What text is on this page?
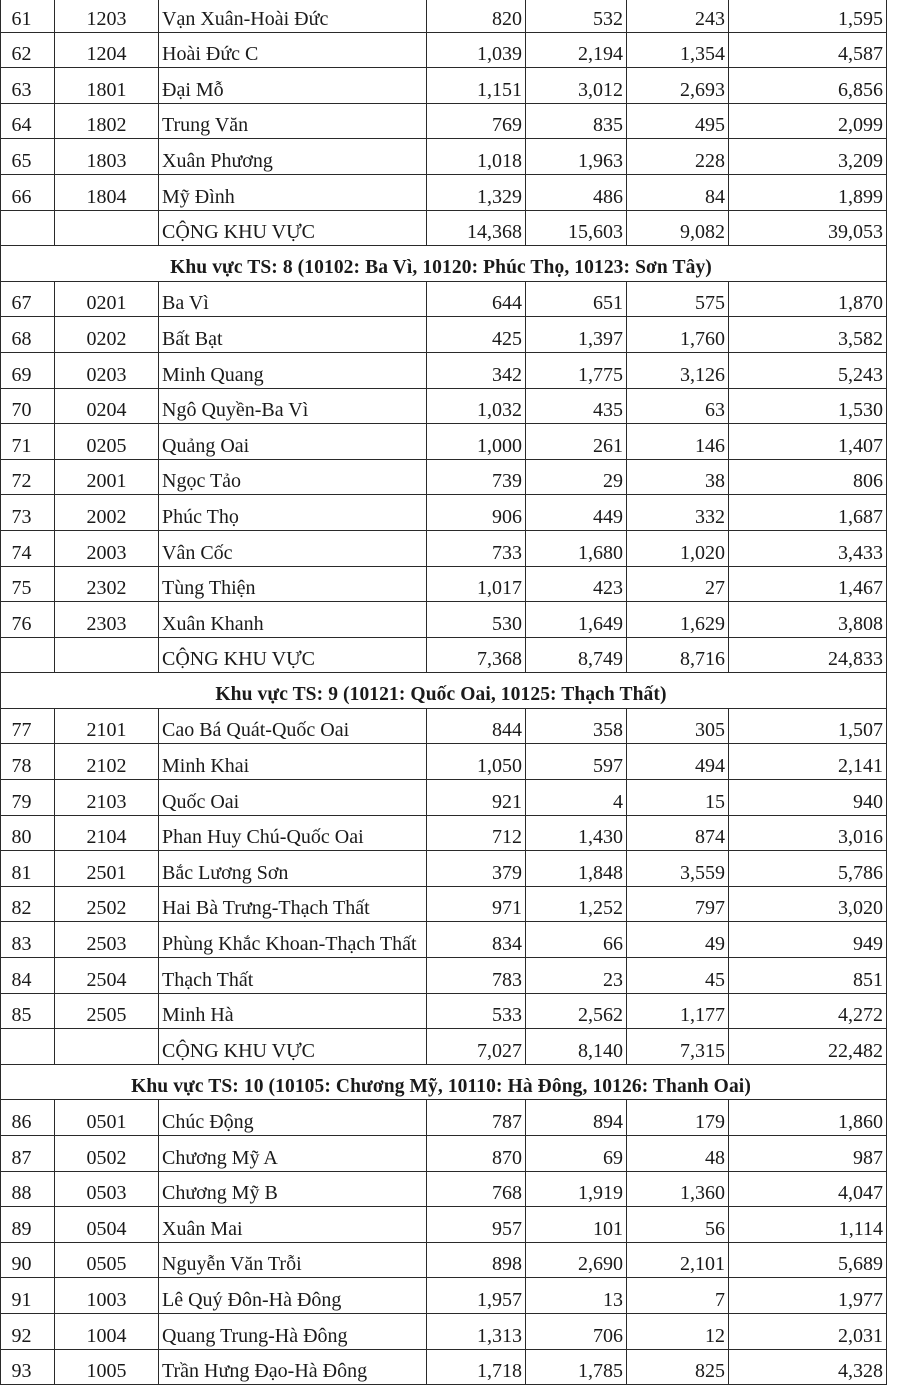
61	1203	Vạn Xuân-Hoài Đức	820	532	243	1,595
62	1204	Hoài Đức C	1,039	2,194	1,354	4,587
63	1801	Đại Mỗ	1,151	3,012	2,693	6,856
64	1802	Trung Văn	769	835	495	2,099
65	1803	Xuân Phương	1,018	1,963	228	3,209
66	1804	Mỹ Đình	1,329	486	84	1,899
		CỘNG KHU VỰC	14,368	15,603	9,082	39,053
Khu vực TS: 8 (10102: Ba Vì, 10120: Phúc Thọ, 10123: Sơn Tây)						
67	0201	Ba Vì	644	651	575	1,870
68	0202	Bất Bạt	425	1,397	1,760	3,582
69	0203	Minh Quang	342	1,775	3,126	5,243
70	0204	Ngô Quyền-Ba Vì	1,032	435	63	1,530
71	0205	Quảng Oai	1,000	261	146	1,407
72	2001	Ngọc Tảo	739	29	38	806
73	2002	Phúc Thọ	906	449	332	1,687
74	2003	Vân Cốc	733	1,680	1,020	3,433
75	2302	Tùng Thiện	1,017	423	27	1,467
76	2303	Xuân Khanh	530	1,649	1,629	3,808
		CỘNG KHU VỰC	7,368	8,749	8,716	24,833
Khu vực TS: 9 (10121: Quốc Oai, 10125: Thạch Thất)						
77	2101	Cao Bá Quát-Quốc Oai	844	358	305	1,507
78	2102	Minh Khai	1,050	597	494	2,141
79	2103	Quốc Oai	921	4	15	940
80	2104	Phan Huy Chú-Quốc Oai	712	1,430	874	3,016
81	2501	Bắc Lương Sơn	379	1,848	3,559	5,786
82	2502	Hai Bà Trưng-Thạch Thất	971	1,252	797	3,020
83	2503	Phùng Khắc Khoan-Thạch Thất	834	66	49	949
84	2504	Thạch Thất	783	23	45	851
85	2505	Minh Hà	533	2,562	1,177	4,272
		CỘNG KHU VỰC	7,027	8,140	7,315	22,482
Khu vực TS: 10 (10105: Chương Mỹ, 10110: Hà Đông, 10126: Thanh Oai)						
86	0501	Chúc Động	787	894	179	1,860
87	0502	Chương Mỹ A	870	69	48	987
88	0503	Chương Mỹ B	768	1,919	1,360	4,047
89	0504	Xuân Mai	957	101	56	1,114
90	0505	Nguyễn Văn Trỗi	898	2,690	2,101	5,689
91	1003	Lê Quý Đôn-Hà Đông	1,957	13	7	1,977
92	1004	Quang Trung-Hà Đông	1,313	706	12	2,031
93	1005	Trần Hưng Đạo-Hà Đông	1,718	1,785	825	4,328
